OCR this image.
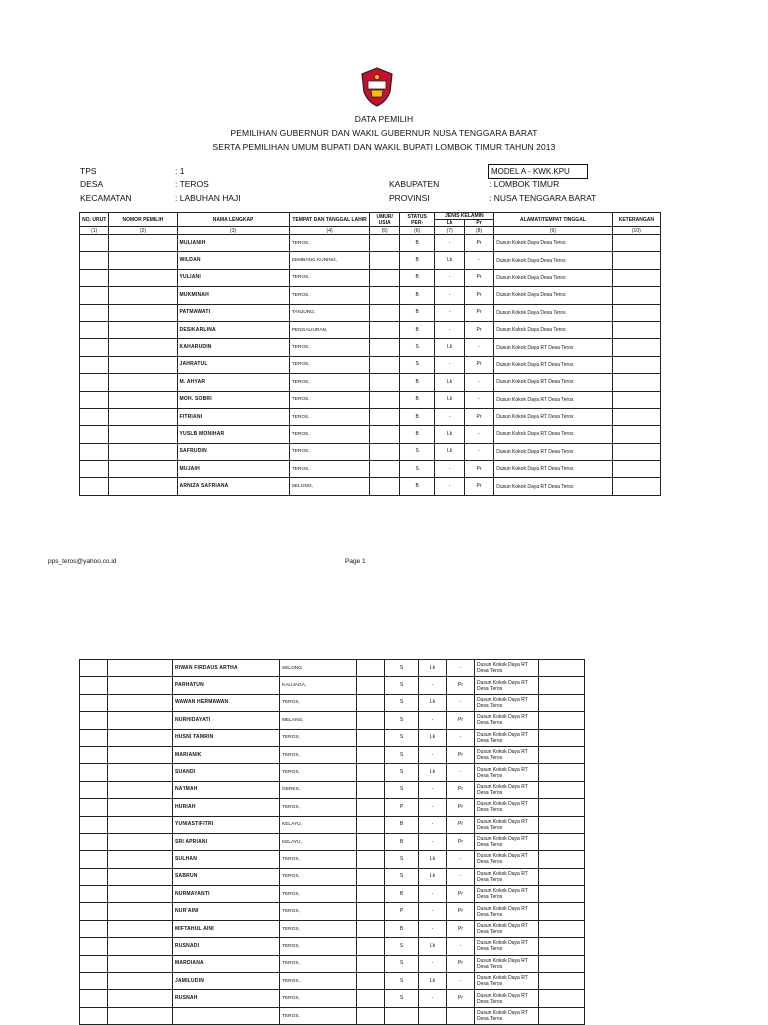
DATA PEMILIH
PEMILIHAN GUBERNUR DAN WAKIL GUBERNUR NUSA TENGGARA BARAT
SERTA PEMILIHAN UMUM BUPATI DAN WAKIL BUPATI LOMBOK TIMUR TAHUN 2013
TPS	: 1
DESA	: TEROS
KECAMATAN	: LABUHAN HAJI
KABUPATEN	: LOMBOK TIMUR
PROVINSI	: NUSA TENGGARA BARAT
MODEL A - KWK.KPU
NO. URUT	NOMOR PEMILIH	NAMA LENGKAP	TEMPAT DAN TANGGAL LAHIR	UMUR/ USIA	STATUS PER-	JENIS KELAMIN		ALAMAT/TEMPAT TINGGAL	KETERANGAN
						Lk	Pr		
(1)	(2)	(3)	(4)	(5)	(6)	(7)	(8)	(9)	(10)
		MULIANIH	TEROS,		B	-	Pr	Dusun Kokok Daya Desa Teros	
		WILDAN	KEMBANG KUNING,		B	Lk	-	Dusun Kokok Daya Desa Teros	
		YULIANI	TEROS,		B	-	Pr	Dusun Kokok Daya Desa Teros	
		MUKMINAH	TEROS,		B	-	Pr	Dusun Kokok Daya Desa Teros	
		PATMAWATI	TANJUNG,		B	-	Pr	Dusun Kokok Daya Desa Teros	
		DESIKARLINA	PENGALIURAN,		B	-	Pr	Dusun Kokok Daya Desa Teros	
		KAHARUDIN	TEROS,		S	Lk	-	Dusun Kokok Daya RT Desa Teros	
		JAHRATUL	TEROS,		S	-	Pr	Dusun Kokok Daya RT Desa Teros	
		M. AHYAR	TEROS,		B	Lk	-	Dusun Kokok Daya RT Desa Teros	
		MOH. SOBRI	TEROS,		B	Lk	-	Dusun Kokok Daya RT Desa Teros	
		FITRIANI	TEROS,		B	-	Pr	Dusun Kokok Daya RT Desa Teros	
		YUSLB MONIHAR	TEROS,		B	Lk	-	Dusun Kokok Daya RT Desa Teros	
		SAFRUDIN	TEROS,		S	Lk	-	Dusun Kokok Daya RT Desa Teros	
		MUJAIH	TEROS,		S	-	Pr	Dusun Kokok Daya RT Desa Teros	
		ARNIZA SAFRIANA	SELONG,		B	-	Pr	Dusun Kokok Daya RT Desa Teros	
pps_teros@yahoo.co.id	Page 1
		RIWAN FIRDAUS ARTHA	SELONG,		S	Lk	-	Dusun Kokok Daya RT Desa Teros	
		PARHATUN	KALIJAGA,		S	-	Pr	Dusun Kokok Daya RT Desa Teros	
		WAWAN HERMAWAN	TEROS,		S	Lk	-	Dusun Kokok Daya RT Desa Teros	
		NURHIDAYATI	MELANG,		S	-	Pr	Dusun Kokok Daya RT Desa Teros	
		HUSNI TAMRIN	TEROS,		S	Lk	-	Dusun Kokok Daya RT Desa Teros	
		MARIANIK	TEROS,		S	-	Pr	Dusun Kokok Daya RT Desa Teros	
		SUANDI	TEROS,		S	Lk	-	Dusun Kokok Daya RT Desa Teros	
		NA'IMAH	GERES,		S	-	Pr	Dusun Kokok Daya RT Desa Teros	
		HURIAH	TEROS,		P	-	Pr	Dusun Kokok Daya RT Desa Teros	
		YUNIASTIFITRI	KELAYU,		B	-	Pr	Dusun Kokok Daya RT Desa Teros	
		SRI APRIANI	KELAYU,		B	-	Pr	Dusun Kokok Daya RT Desa Teros	
		SULHAN	TEROS,		S	Lk	-	Dusun Kokok Daya RT Desa Teros	
		SABRUN	TEROS,		S	Lk	-	Dusun Kokok Daya RT Desa Teros	
		NURMAYANTI	TEROS,		B	-	Pr	Dusun Kokok Daya RT Desa Teros	
		NUR'AINI	TEROS,		P	-	Pr	Dusun Kokok Daya RT Desa Teros	
		MIFTAHUL AINI	TEROS,		B	-	Pr	Dusun Kokok Daya RT Desa Teros	
		RUSNADI	TEROS,		S	Lk	-	Dusun Kokok Daya RT Desa Teros	
		MARDIANA	TEROS,		S	-	Pr	Dusun Kokok Daya RT Desa Teros	
		JAMILUDIN	TEROS,		S	Lk	-	Dusun Kokok Daya RT Desa Teros	
		RUSNAH	TEROS,		S	-	Pr	Dusun Kokok Daya RT Desa Teros	
			TEROS,					Dusun Kokok Daya RT Desa Teros	
